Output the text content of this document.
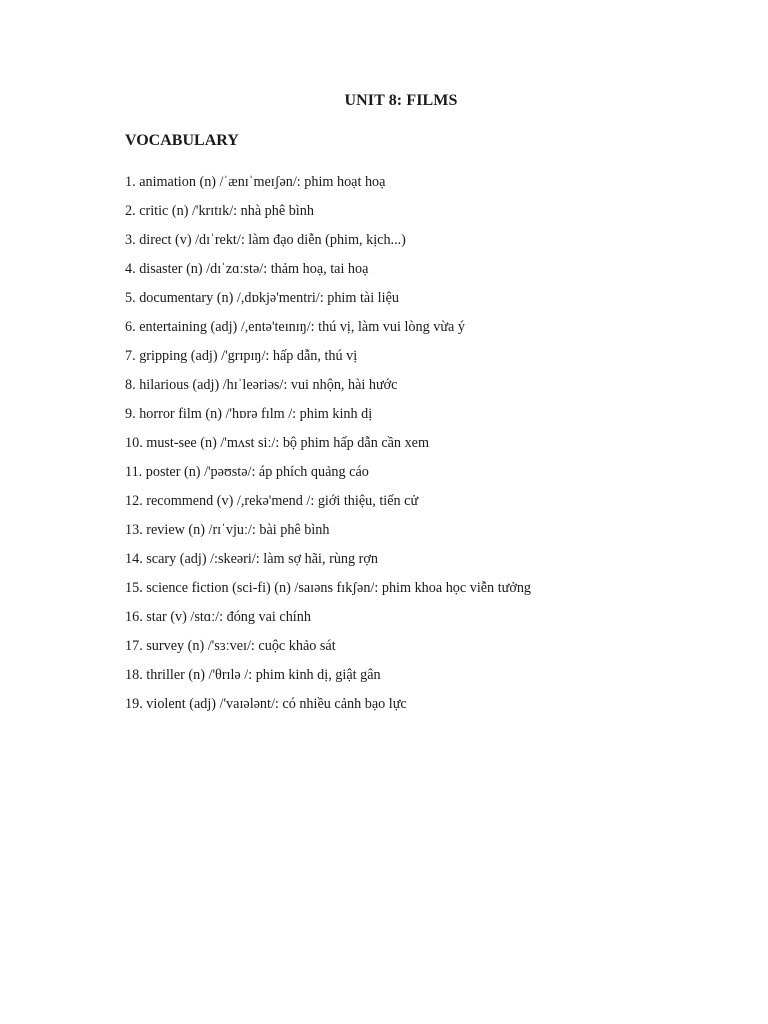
UNIT 8: FILMS
VOCABULARY
1. animation (n) /ˈænɪˈmeɪʃən/: phim hoạt hoạ
2. critic (n) /'krɪtɪk/: nhà phê bình
3. direct (v) /dɪˈrekt/: làm đạo diễn (phim, kịch...)
4. disaster (n) /dɪˈzɑːstə/: thảm hoạ, tai hoạ
5. documentary (n) /,dɒkjə'mentri/: phim tài liệu
6. entertaining (adj) /,entə'teɪnɪŋ/: thú vị, làm vui lòng vừa ý
7. gripping (adj) /'grɪpɪŋ/: hấp dẫn, thú vị
8. hilarious (adj) /hɪˈleəriəs/: vui nhộn, hài hước
9. horror film (n) /'hɒrə fɪlm /: phim kinh dị
10. must-see (n) /'mʌst siː/: bộ phim hấp dẫn cần xem
11. poster (n) /'pəʊstə/: áp phích quảng cáo
12. recommend (v) /,rekə'mend /: giới thiệu, tiến cử
13. review (n) /rɪˈvjuː/: bài phê bình
14. scary (adj) /:skeəri/: làm sợ hãi, rùng rợn
15. science fiction (sci-fi) (n) /saɪəns fɪkʃən/: phim khoa học viễn tưởng
16. star (v) /stɑː/: đóng vai chính
17. survey (n) /'sɜːveɪ/: cuộc khảo sát
18. thriller (n) /'θrɪlə /: phim kinh dị, giật gân
19. violent (adj) /'vaɪələnt/: có nhiều cảnh bạo lực
